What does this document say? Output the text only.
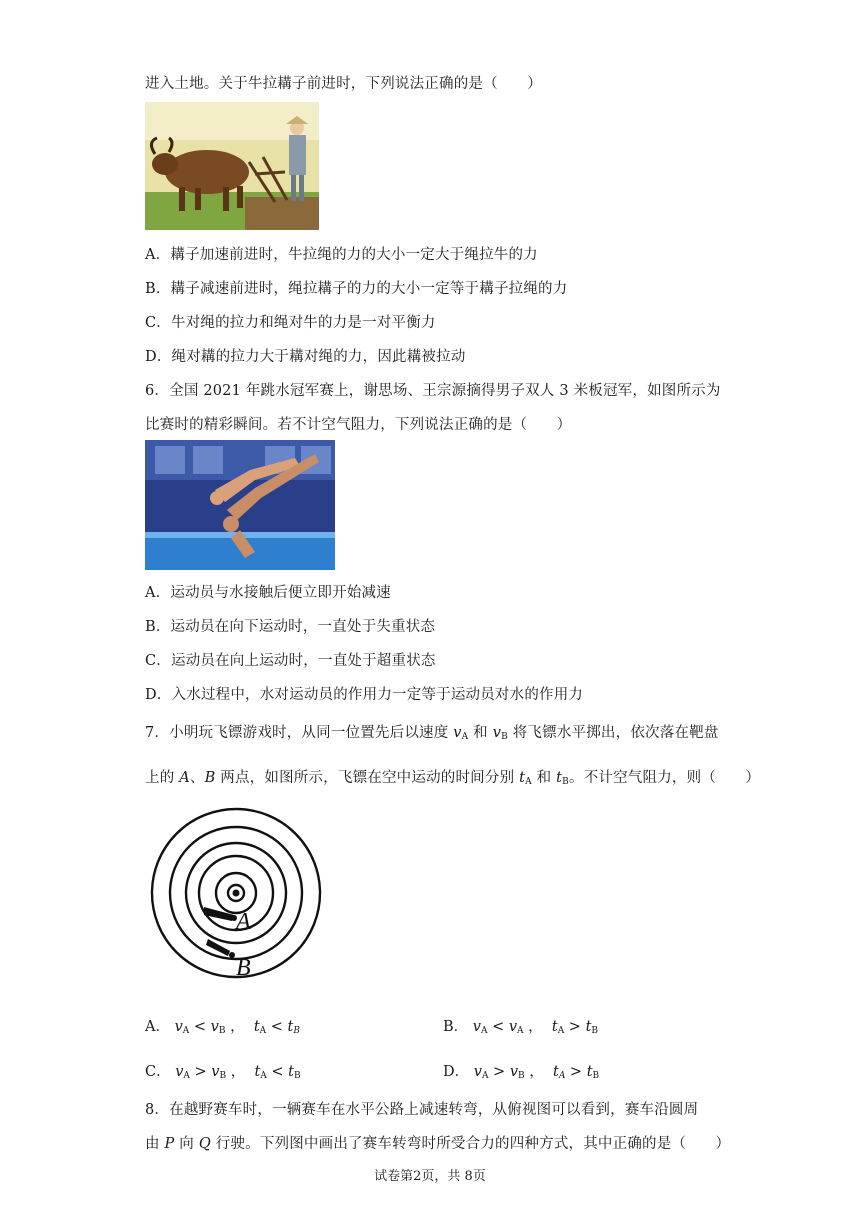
进入土地。关于牛拉耩子前进时，下列说法正确的是（　　）
A．耩子加速前进时，牛拉绳的力的大小一定大于绳拉牛的力
B．耩子减速前进时，绳拉耩子的力的大小一定等于耩子拉绳的力
C．牛对绳的拉力和绳对牛的力是一对平衡力
D．绳对耩的拉力大于耩对绳的力，因此耩被拉动
6．全国 2021 年跳水冠军赛上，谢思场、王宗源摘得男子双人 3 米板冠军，如图所示为
比赛时的精彩瞬间。若不计空气阻力，下列说法正确的是（　　）
A．运动员与水接触后便立即开始减速
B．运动员在向下运动时，一直处于失重状态
C．运动员在向上运动时，一直处于超重状态
D．入水过程中，水对运动员的作用力一定等于运动员对水的作用力
7．小明玩飞镖游戏时，从同一位置先后以速度 $v_A$ 和 $v_B$ 将飞镖水平掷出，依次落在靶盘
上的 A、B 两点，如图所示，飞镖在空中运动的时间分别 $t_A$ 和 $t_B$。不计空气阻力，则（　　）
A
B
A． $v_A < v_B$ ，  $t_A < t_B$	B． $v_A < v_A$ ，  $t_A > t_B$
C． $v_A > v_B$ ，  $t_A < t_B$	D． $v_A > v_B$ ，  $t_A > t_B$
8．在越野赛车时，一辆赛车在水平公路上减速转弯，从俯视图可以看到，赛车沿圆周
由 P 向 Q 行驶。下列图中画出了赛车转弯时所受合力的四种方式，其中正确的是（　　）
试卷第2页，共 8页
